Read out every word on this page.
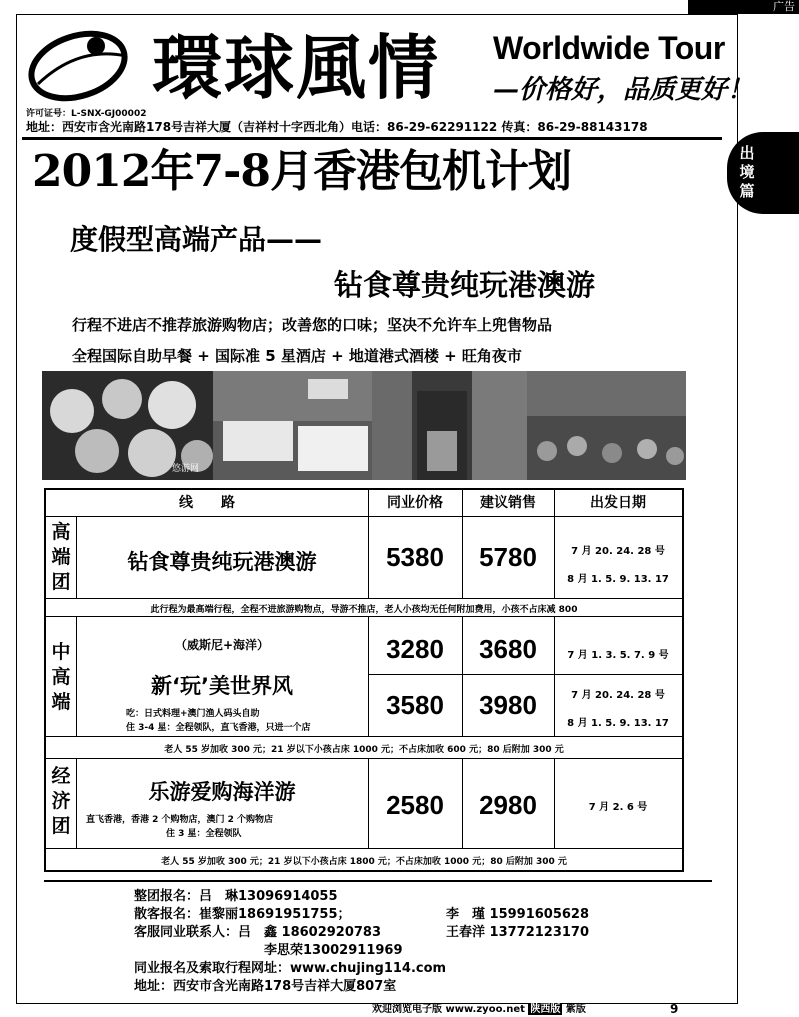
广告
出境篇
環球風情 Worldwide Tour
—价格好，品质更好！
许可证号：L-SNX-GJ00002
地址：西安市含光南路178号吉祥大厦（吉祥村十字西北角）电话：86-29-62291122 传真：86-29-88143178
2012年7-8月香港包机计划
度假型高端产品——
钻食尊贵纯玩港澳游
行程不进店不推荐旅游购物店；改善您的口味；坚决不允许车上兜售物品
全程国际自助早餐 + 国际准 5 星酒店 + 地道港式酒楼 + 旺角夜市
悠游网
线　　路	同业价格	建议销售	出发日期
高
端
团
钻食尊贵纯玩港澳游	5380	5780	7 月 20. 24. 28 号
8 月 1. 5. 9. 13. 17
此行程为最高端行程，全程不进旅游购物点，导游不推店，老人小孩均无任何附加费用，小孩不占床减 800
中
高
端
（威斯尼+海洋）
新‘玩’美世界风
吃：日式料理+澳门渔人码头自助
住 3-4 星：全程领队，直飞香港，只进一个店
3280	3680	7 月 1. 3. 5. 7. 9 号
3580	3980	7 月 20. 24. 28 号
8 月 1. 5. 9. 13. 17
老人 55 岁加收 300 元；21 岁以下小孩占床 1000 元；不占床加收 600 元；80 后附加 300 元
经
济
团
乐游爱购海洋游
直飞香港，香港 2 个购物店，澳门 2 个购物店
住 3 星：全程领队
2580	2980	7 月 2. 6 号
老人 55 岁加收 300 元；21 岁以下小孩占床 1800 元；不占床加收 1000 元；80 后附加 300 元
整团报名：吕　琳13096914055
散客报名：崔黎丽18691951755；	李　瑾 15991605628
客服同业联系人：吕　鑫 18602920783	王春洋 13772123170
李思荣13002911969
同业报名及索取行程网址：www.chujing114.com
地址：西安市含光南路178号吉祥大厦807室
欢迎浏览电子版 www.zyoo.net 陕西版 紫版	9
